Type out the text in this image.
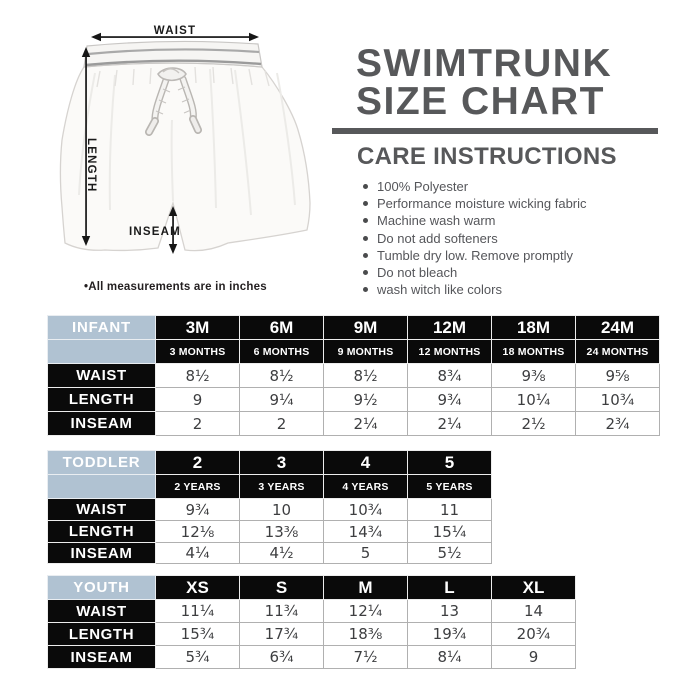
WAIST
LENGTH
INSEAM
•All measurements are in inches
SWIMTRUNK
SIZE CHART
CARE INSTRUCTIONS
100% Polyester
Performance moisture wicking fabric
Machine wash warm
Do not add softeners
Tumble dry low. Remove promptly
Do not bleach
wash witch like colors
INFANT	3M	6M	9M	12M	18M	24M
	3 MONTHS	6 MONTHS	9 MONTHS	12 MONTHS	18 MONTHS	24 MONTHS
WAIST	8½	8½	8½	8¾	9⅜	9⅝
LENGTH	9	9¼	9½	9¾	10¼	10¾
INSEAM	2	2	2¼	2¼	2½	2¾
TODDLER	2	3	4	5
	2 YEARS	3 YEARS	4 YEARS	5 YEARS
WAIST	9¾	10	10¾	11
LENGTH	12⅛	13⅜	14¾	15¼
INSEAM	4¼	4½	5	5½
YOUTH	XS	S	M	L	XL
WAIST	11¼	11¾	12¼	13	14
LENGTH	15¾	17¾	18⅜	19¾	20¾
INSEAM	5¾	6¾	7½	8¼	9
